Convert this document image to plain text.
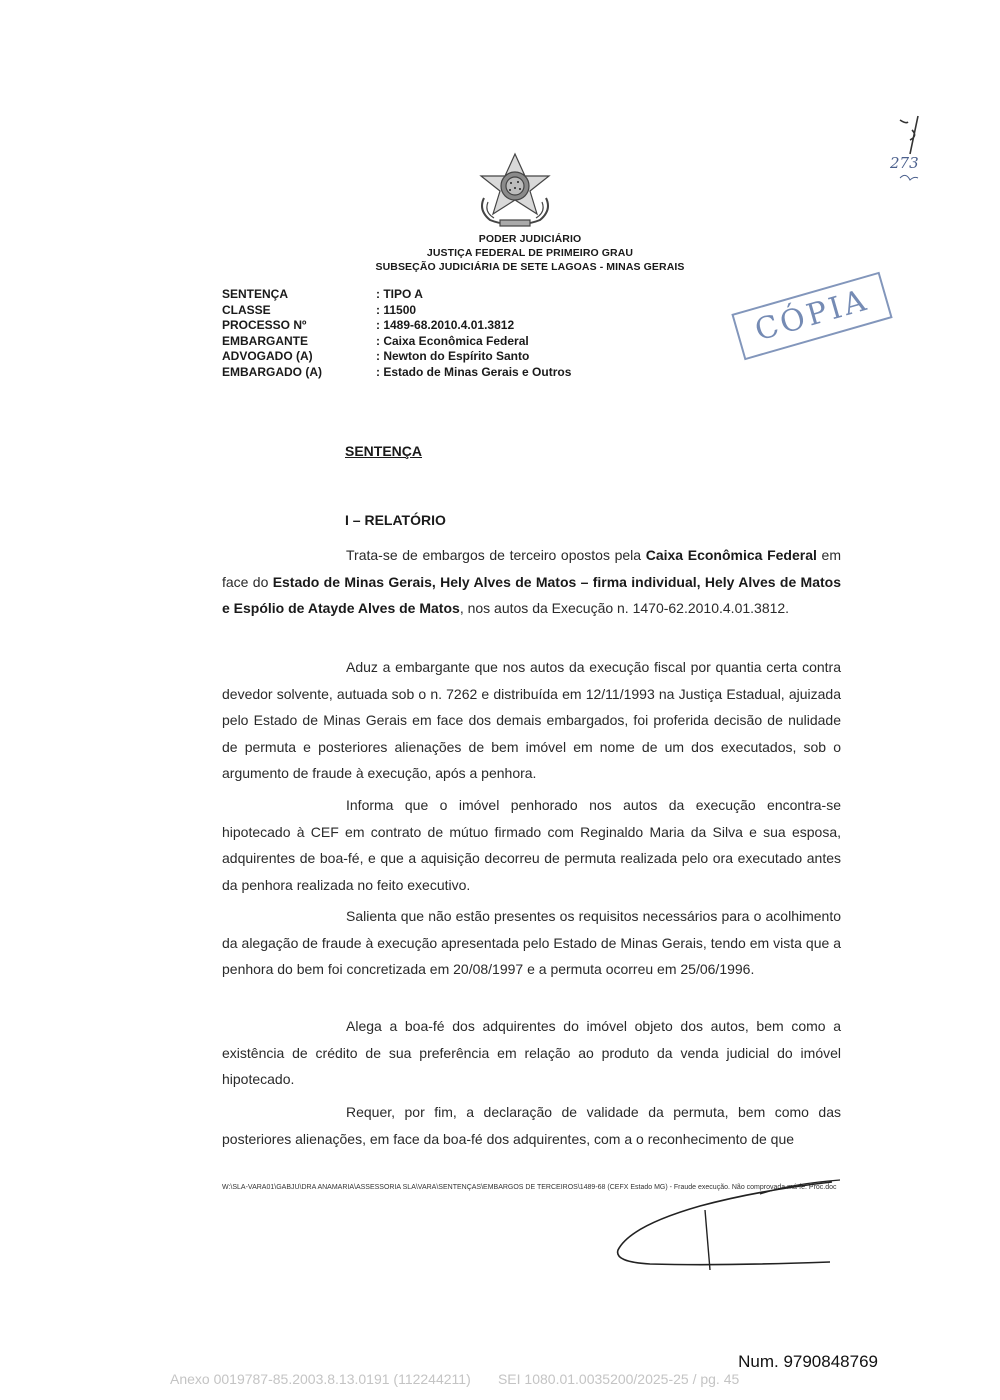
PODER JUDICIÁRIO
JUSTIÇA FEDERAL DE PRIMEIRO GRAU
SUBSEÇÃO JUDICIÁRIA DE SETE LAGOAS - MINAS GERAIS
273
SENTENÇA	: TIPO A
CLASSE	: 11500
PROCESSO Nº	: 1489-68.2010.4.01.3812
EMBARGANTE	: Caixa Econômica Federal
ADVOGADO (A)	: Newton do Espírito Santo
EMBARGADO (A)	: Estado de Minas Gerais e Outros
CÓPIA
SENTENÇA
I – RELATÓRIO

Trata-se de embargos de terceiro opostos pela Caixa Econômica Federal em face do Estado de Minas Gerais, Hely Alves de Matos – firma individual, Hely Alves de Matos e Espólio de Atayde Alves de Matos, nos autos da Execução n. 1470-62.2010.4.01.3812.

Aduz a embargante que nos autos da execução fiscal por quantia certa contra devedor solvente, autuada sob o n. 7262 e distribuída em 12/11/1993 na Justiça Estadual, ajuizada pelo Estado de Minas Gerais em face dos demais embargados, foi proferida decisão de nulidade de permuta e posteriores alienações de bem imóvel em nome de um dos executados, sob o argumento de fraude à execução, após a penhora.

Informa que o imóvel penhorado nos autos da execução encontra-se hipotecado à CEF em contrato de mútuo firmado com Reginaldo Maria da Silva e sua esposa, adquirentes de boa-fé, e que a aquisição decorreu de permuta realizada pelo ora executado antes da penhora realizada no feito executivo.

Salienta que não estão presentes os requisitos necessários para o acolhimento da alegação de fraude à execução apresentada pelo Estado de Minas Gerais, tendo em vista que a penhora do bem foi concretizada em 20/08/1997 e a permuta ocorreu em 25/06/1996.

Alega a boa-fé dos adquirentes do imóvel objeto dos autos, bem como a existência de crédito de sua preferência em relação ao produto da venda judicial do imóvel hipotecado.

Requer, por fim, a declaração de validade da permuta, bem como das posteriores alienações, em face da boa-fé dos adquirentes, com a o reconhecimento de que

W:\SLA-VARA01\GABJU\DRA ANAMARIA\ASSESSORIA SLA\VARA\SENTENÇAS\EMBARGOS DE TERCEIROS\1489-68 (CEFX Estado MG) - Fraude execução. Não comprovada má-fé. Proc.doc
Num. 9790848769
Anexo 0019787-85.2003.8.13.0191 (112244211)       SEI 1080.01.0035200/2025-25 / pg. 45
